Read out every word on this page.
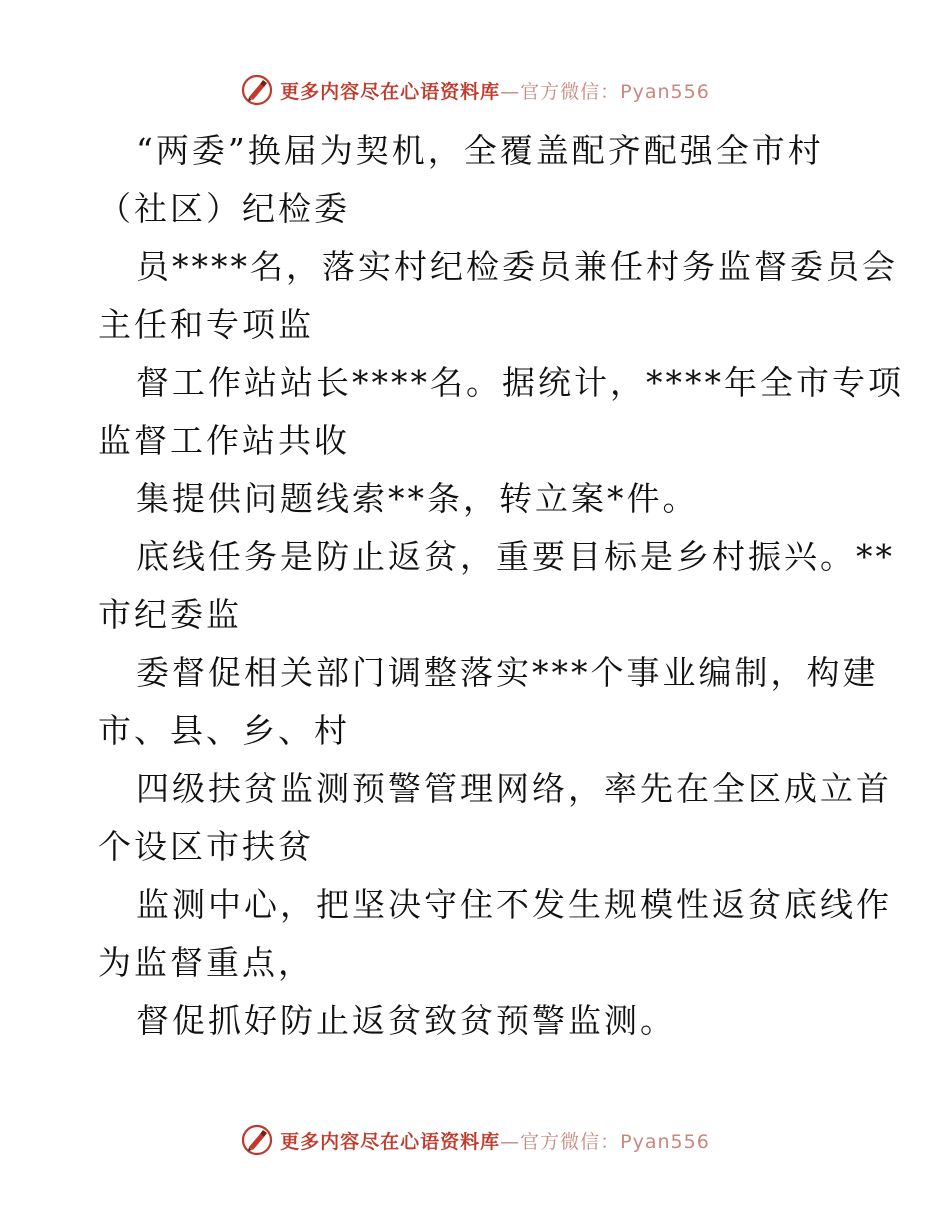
更多内容尽在心语资料库—官方微信：Pyan556
“两委”换届为契机，全覆盖配齐配强全市村
（社区）纪检委
员****名，落实村纪检委员兼任村务监督委员会
主任和专项监
督工作站站长****名。据统计，****年全市专项
监督工作站共收
集提供问题线索**条，转立案*件。
底线任务是防止返贫，重要目标是乡村振兴。**
市纪委监
委督促相关部门调整落实***个事业编制，构建
市、县、乡、村
四级扶贫监测预警管理网络，率先在全区成立首
个设区市扶贫
监测中心，把坚决守住不发生规模性返贫底线作
为监督重点，
督促抓好防止返贫致贫预警监测。
更多内容尽在心语资料库—官方微信：Pyan556
